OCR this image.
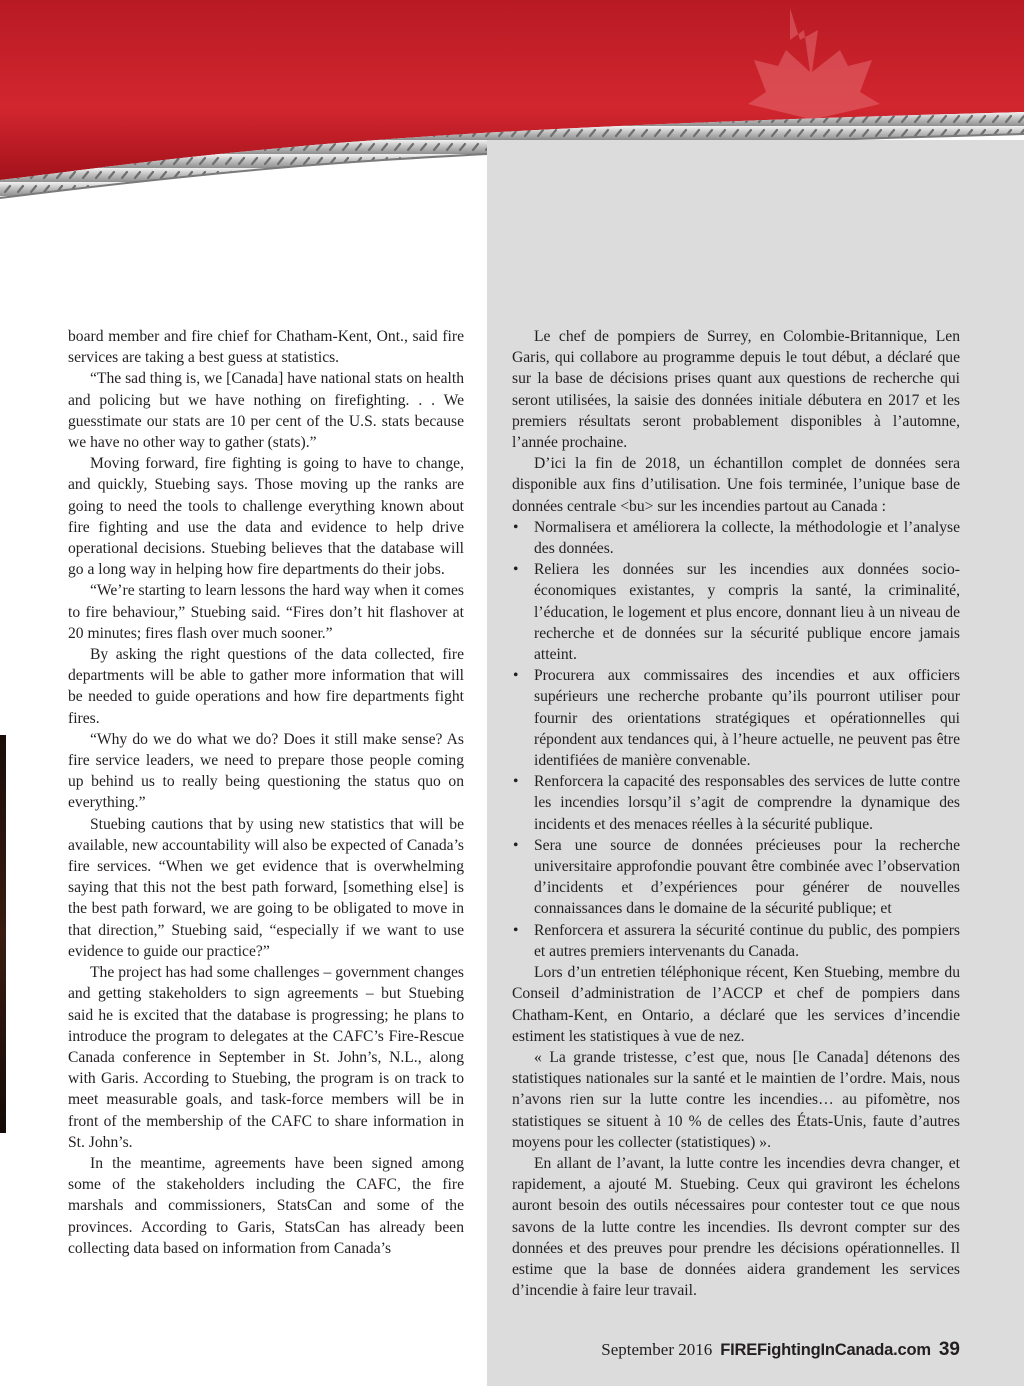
board member and fire chief for Chatham-Kent, Ont., said fire services are taking a best guess at statistics.

“The sad thing is, we [Canada] have national stats on health and policing but we have nothing on firefighting. . . We guesstimate our stats are 10 per cent of the U.S. stats because we have no other way to gather (stats).”

Moving forward, fire fighting is going to have to change, and quickly, Stuebing says. Those moving up the ranks are going to need the tools to challenge everything known about fire fighting and use the data and evidence to help drive operational decisions. Stuebing believes that the database will go a long way in helping how fire departments do their jobs.

“We’re starting to learn lessons the hard way when it comes to fire behaviour,” Stuebing said. “Fires don’t hit flashover at 20 minutes; fires flash over much sooner.”

By asking the right questions of the data collected, fire departments will be able to gather more information that will be needed to guide operations and how fire departments fight fires.

“Why do we do what we do? Does it still make sense? As fire service leaders, we need to prepare those people coming up behind us to really being questioning the status quo on everything.”

Stuebing cautions that by using new statistics that will be available, new accountability will also be expected of Canada’s fire services. “When we get evidence that is overwhelming saying that this not the best path forward, [something else] is the best path forward, we are going to be obligated to move in that direction,” Stuebing said, “especially if we want to use evidence to guide our practice?”

The project has had some challenges – government changes and getting stakeholders to sign agreements – but Stuebing said he is excited that the database is progressing; he plans to introduce the program to delegates at the CAFC’s Fire-Rescue Canada conference in September in St. John’s, N.L., along with Garis. According to Stuebing, the program is on track to meet measurable goals, and task-force members will be in front of the membership of the CAFC to share information in St. John’s.

In the meantime, agreements have been signed among some of the stakeholders including the CAFC, the fire marshals and commissioners, StatsCan and some of the provinces. According to Garis, StatsCan has already been collecting data based on information from Canada’s

Le chef de pompiers de Surrey, en Colombie-Britannique, Len Garis, qui collabore au programme depuis le tout début, a déclaré que sur la base de décisions prises quant aux questions de recherche qui seront utilisées, la saisie des données initiale débutera en 2017 et les premiers résultats seront probablement disponibles à l’automne, l’année prochaine.

D’ici la fin de 2018, un échantillon complet de données sera disponible aux fins d’utilisation. Une fois terminée, l’unique base de données centrale <bu> sur les incendies partout au Canada :

• Normalisera et améliorera la collecte, la méthodologie et l’analyse des données.
• Reliera les données sur les incendies aux données socio-économiques existantes, y compris la santé, la criminalité, l’éducation, le logement et plus encore, donnant lieu à un niveau de recherche et de données sur la sécurité publique encore jamais atteint.
• Procurera aux commissaires des incendies et aux officiers supérieurs une recherche probante qu’ils pourront utiliser pour fournir des orientations stratégiques et opérationnelles qui répondent aux tendances qui, à l’heure actuelle, ne peuvent pas être identifiées de manière convenable.
• Renforcera la capacité des responsables des services de lutte contre les incendies lorsqu’il s’agit de comprendre la dynamique des incidents et des menaces réelles à la sécurité publique.
• Sera une source de données précieuses pour la recherche universitaire approfondie pouvant être combinée avec l’observation d’incidents et d’expériences pour générer de nouvelles connaissances dans le domaine de la sécurité publique; et
• Renforcera et assurera la sécurité continue du public, des pompiers et autres premiers intervenants du Canada.

Lors d’un entretien téléphonique récent, Ken Stuebing, membre du Conseil d’administration de l’ACCP et chef de pompiers dans Chatham-Kent, en Ontario, a déclaré que les services d’incendie estiment les statistiques à vue de nez.

« La grande tristesse, c’est que, nous [le Canada] détenons des statistiques nationales sur la santé et le maintien de l’ordre. Mais, nous n’avons rien sur la lutte contre les incendies… au pifomètre, nos statistiques se situent à 10 % de celles des États-Unis, faute d’autres moyens pour les collecter (statistiques) ».

En allant de l’avant, la lutte contre les incendies devra changer, et rapidement, a ajouté M. Stuebing. Ceux qui graviront les échelons auront besoin des outils nécessaires pour contester tout ce que nous savons de la lutte contre les incendies. Ils devront compter sur des données et des preuves pour prendre les décisions opérationnelles. Il estime que la base de données aidera grandement les services d’incendie à faire leur travail.

September 2016 FIREFightingInCanada.com 39
